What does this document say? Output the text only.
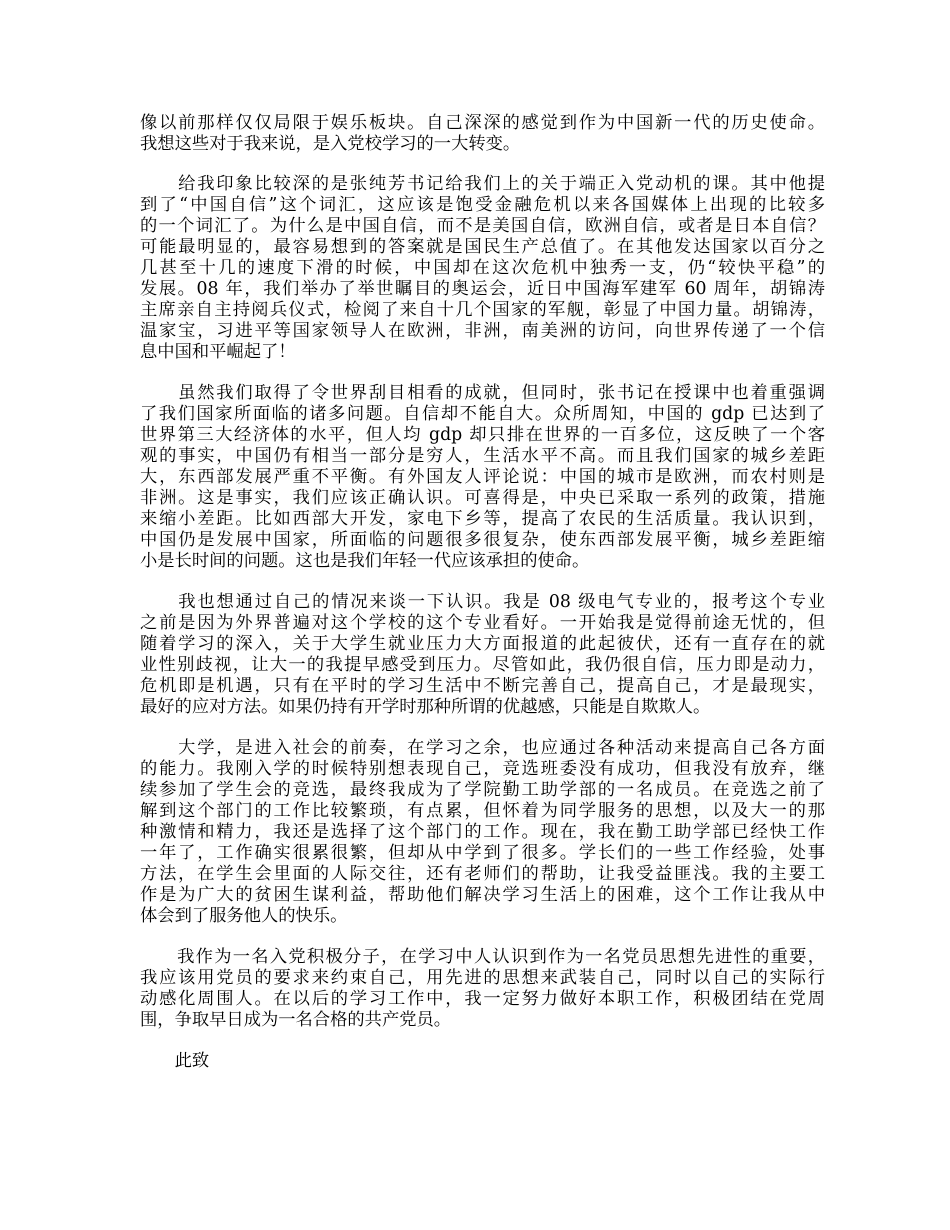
像以前那样仅仅局限于娱乐板块。自己深深的感觉到作为中国新一代的历史使命。
我想这些对于我来说，是入党校学习的一大转变。
　　给我印象比较深的是张纯芳书记给我们上的关于端正入党动机的课。其中他提
到了“中国自信”这个词汇，这应该是饱受金融危机以来各国媒体上出现的比较多
的一个词汇了。为什么是中国自信，而不是美国自信，欧洲自信，或者是日本自信？
可能最明显的，最容易想到的答案就是国民生产总值了。在其他发达国家以百分之
几甚至十几的速度下滑的时候，中国却在这次危机中独秀一支，仍“较快平稳”的
发展。08 年，我们举办了举世瞩目的奥运会，近日中国海军建军 60 周年，胡锦涛
主席亲自主持阅兵仪式，检阅了来自十几个国家的军舰，彰显了中国力量。胡锦涛，
温家宝，习进平等国家领导人在欧洲，非洲，南美洲的访问，向世界传递了一个信
息中国和平崛起了！
　　虽然我们取得了令世界刮目相看的成就，但同时，张书记在授课中也着重强调
了我们国家所面临的诸多问题。自信却不能自大。众所周知，中国的 gdp 已达到了
世界第三大经济体的水平，但人均 gdp 却只排在世界的一百多位，这反映了一个客
观的事实，中国仍有相当一部分是穷人，生活水平不高。而且我们国家的城乡差距
大，东西部发展严重不平衡。有外国友人评论说：中国的城市是欧洲，而农村则是
非洲。这是事实，我们应该正确认识。可喜得是，中央已采取一系列的政策，措施
来缩小差距。比如西部大开发，家电下乡等，提高了农民的生活质量。我认识到，
中国仍是发展中国家，所面临的问题很多很复杂，使东西部发展平衡，城乡差距缩
小是长时间的问题。这也是我们年轻一代应该承担的使命。
　　我也想通过自己的情况来谈一下认识。我是 08 级电气专业的，报考这个专业
之前是因为外界普遍对这个学校的这个专业看好。一开始我是觉得前途无忧的，但
随着学习的深入，关于大学生就业压力大方面报道的此起彼伏，还有一直存在的就
业性别歧视，让大一的我提早感受到压力。尽管如此，我仍很自信，压力即是动力，
危机即是机遇，只有在平时的学习生活中不断完善自己，提高自己，才是最现实，
最好的应对方法。如果仍持有开学时那种所谓的优越感，只能是自欺欺人。
　　大学，是进入社会的前奏，在学习之余，也应通过各种活动来提高自己各方面
的能力。我刚入学的时候特别想表现自己，竞选班委没有成功，但我没有放弃，继
续参加了学生会的竞选，最终我成为了学院勤工助学部的一名成员。在竞选之前了
解到这个部门的工作比较繁琐，有点累，但怀着为同学服务的思想，以及大一的那
种激情和精力，我还是选择了这个部门的工作。现在，我在勤工助学部已经快工作
一年了，工作确实很累很繁，但却从中学到了很多。学长们的一些工作经验，处事
方法，在学生会里面的人际交往，还有老师们的帮助，让我受益匪浅。我的主要工
作是为广大的贫困生谋利益，帮助他们解决学习生活上的困难，这个工作让我从中
体会到了服务他人的快乐。
　　我作为一名入党积极分子，在学习中人认识到作为一名党员思想先进性的重要，
我应该用党员的要求来约束自己，用先进的思想来武装自己，同时以自己的实际行
动感化周围人。在以后的学习工作中，我一定努力做好本职工作，积极团结在党周
围，争取早日成为一名合格的共产党员。
　　此致
